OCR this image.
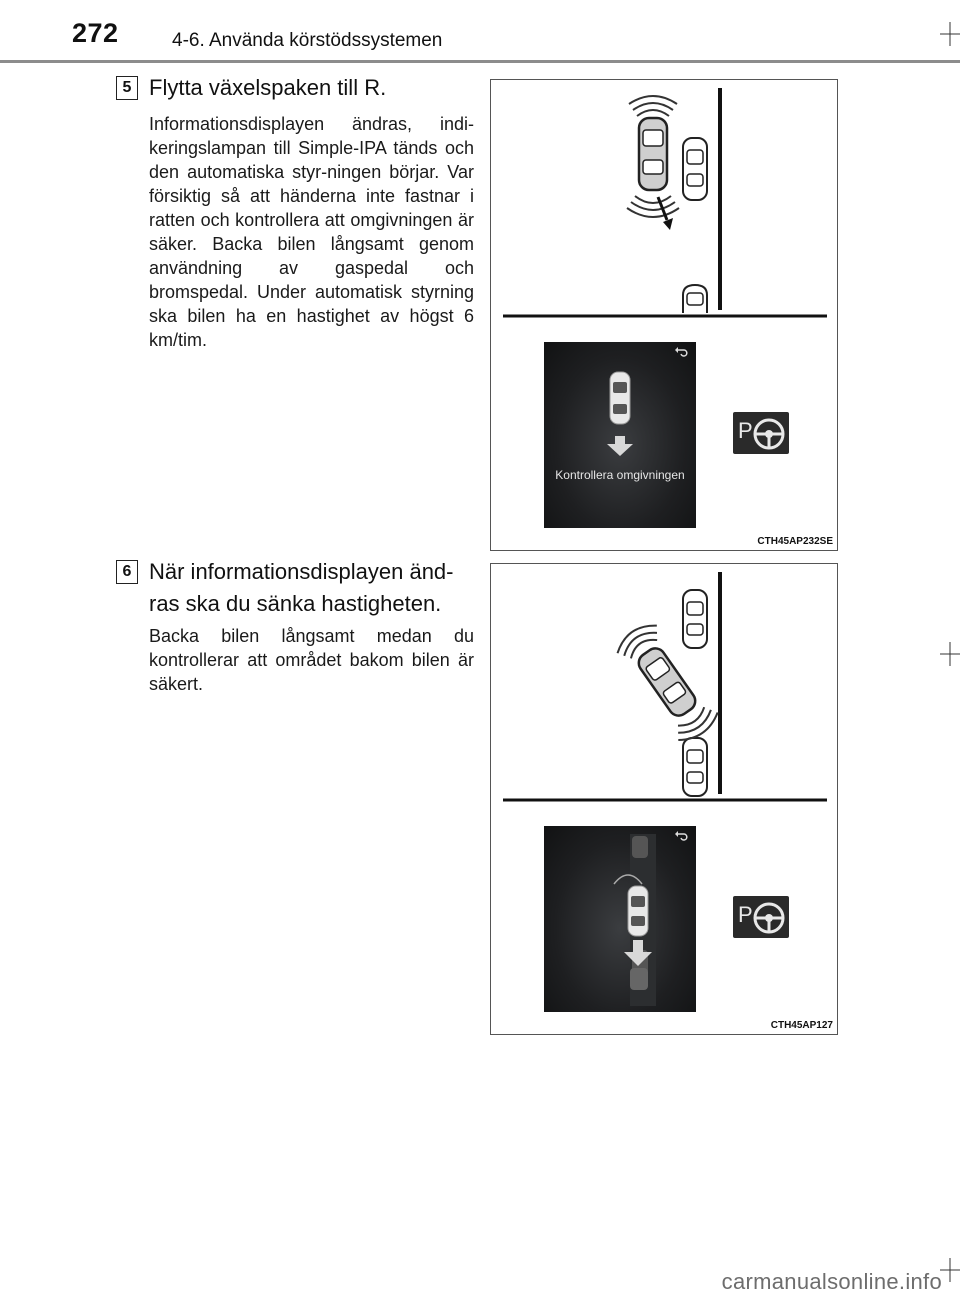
272	4-6. Använda körstödssystemen
5 Flytta växelspaken till R.
Informationsdisplayen ändras, indi-keringslampan till Simple-IPA tänds och den automatiska styr-ningen börjar. Var försiktig så att händerna inte fastnar i ratten och kontrollera att omgivningen är säker. Backa bilen långsamt genom användning av gaspedal och bromspedal. Under automatisk styrning ska bilen ha en hastighet av högst 6 km/tim.
Kontrollera omgivningen
P
CTH45AP232SE
6 När informationsdisplayen änd-ras ska du sänka hastigheten.
Backa bilen långsamt medan du kontrollerar att området bakom bilen är säkert.
P
CTH45AP127
carmanualsonline.info
